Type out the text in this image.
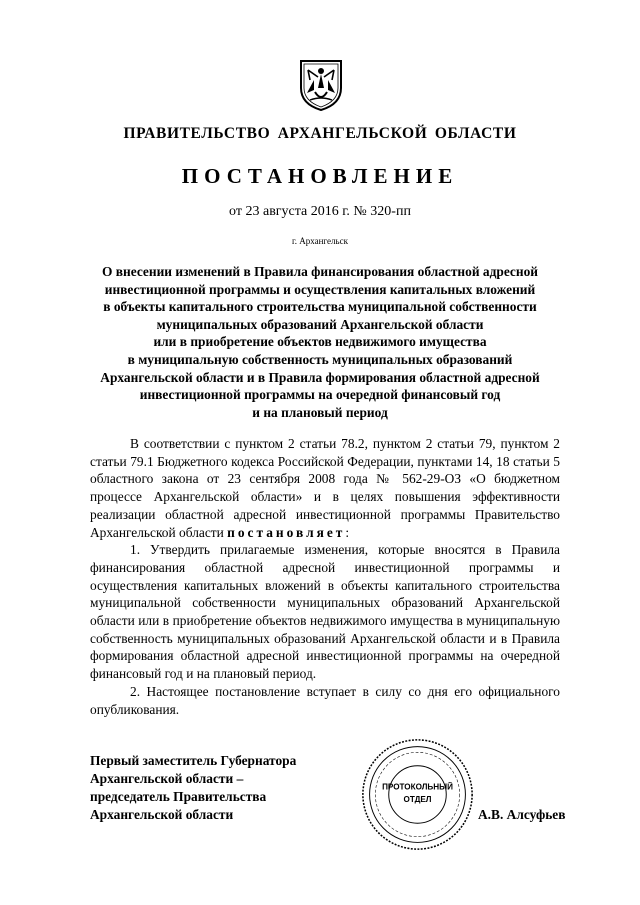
ПРАВИТЕЛЬСТВО АРХАНГЕЛЬСКОЙ ОБЛАСТИ
ПОСТАНОВЛЕНИЕ
от 23 августа 2016 г. № 320-пп
г. Архангельск
О внесении изменений в Правила финансирования областной адресной
инвестиционной программы и осуществления капитальных вложений
в объекты капитального строительства муниципальной собственности
муниципальных образований Архангельской области
или в приобретение объектов недвижимого имущества
в муниципальную собственность муниципальных образований
Архангельской области и в Правила формирования областной адресной
инвестиционной программы на очередной финансовый год
и на плановый период

В соответствии с пунктом 2 статьи 78.2, пунктом 2 статьи 79, пунктом 2 статьи 79.1 Бюджетного кодекса Российской Федерации, пунктами 14, 18 статьи 5 областного закона от 23 сентября 2008 года № 562-29-ОЗ «О бюджетном процессе Архангельской области» и в целях повышения эффективности реализации областной адресной инвестиционной программы Правительство Архангельской области постановляет:

1. Утвердить прилагаемые изменения, которые вносятся в Правила финансирования областной адресной инвестиционной программы и осуществления капитальных вложений в объекты капитального строительства муниципальной собственности муниципальных образований Архангельской области или в приобретение объектов недвижимого имущества в муниципальную собственность муниципальных образований Архангельской области и в Правила формирования областной адресной инвестиционной программы на очередной финансовый год и на плановый период.

2. Настоящее постановление вступает в силу со дня его официального опубликования.

Первый заместитель Губернатора
Архангельской области –
председатель Правительства
Архангельской области
ПРОТОКОЛЬНЫЙ
ОТДЕЛ
А.В. Алсуфьев
